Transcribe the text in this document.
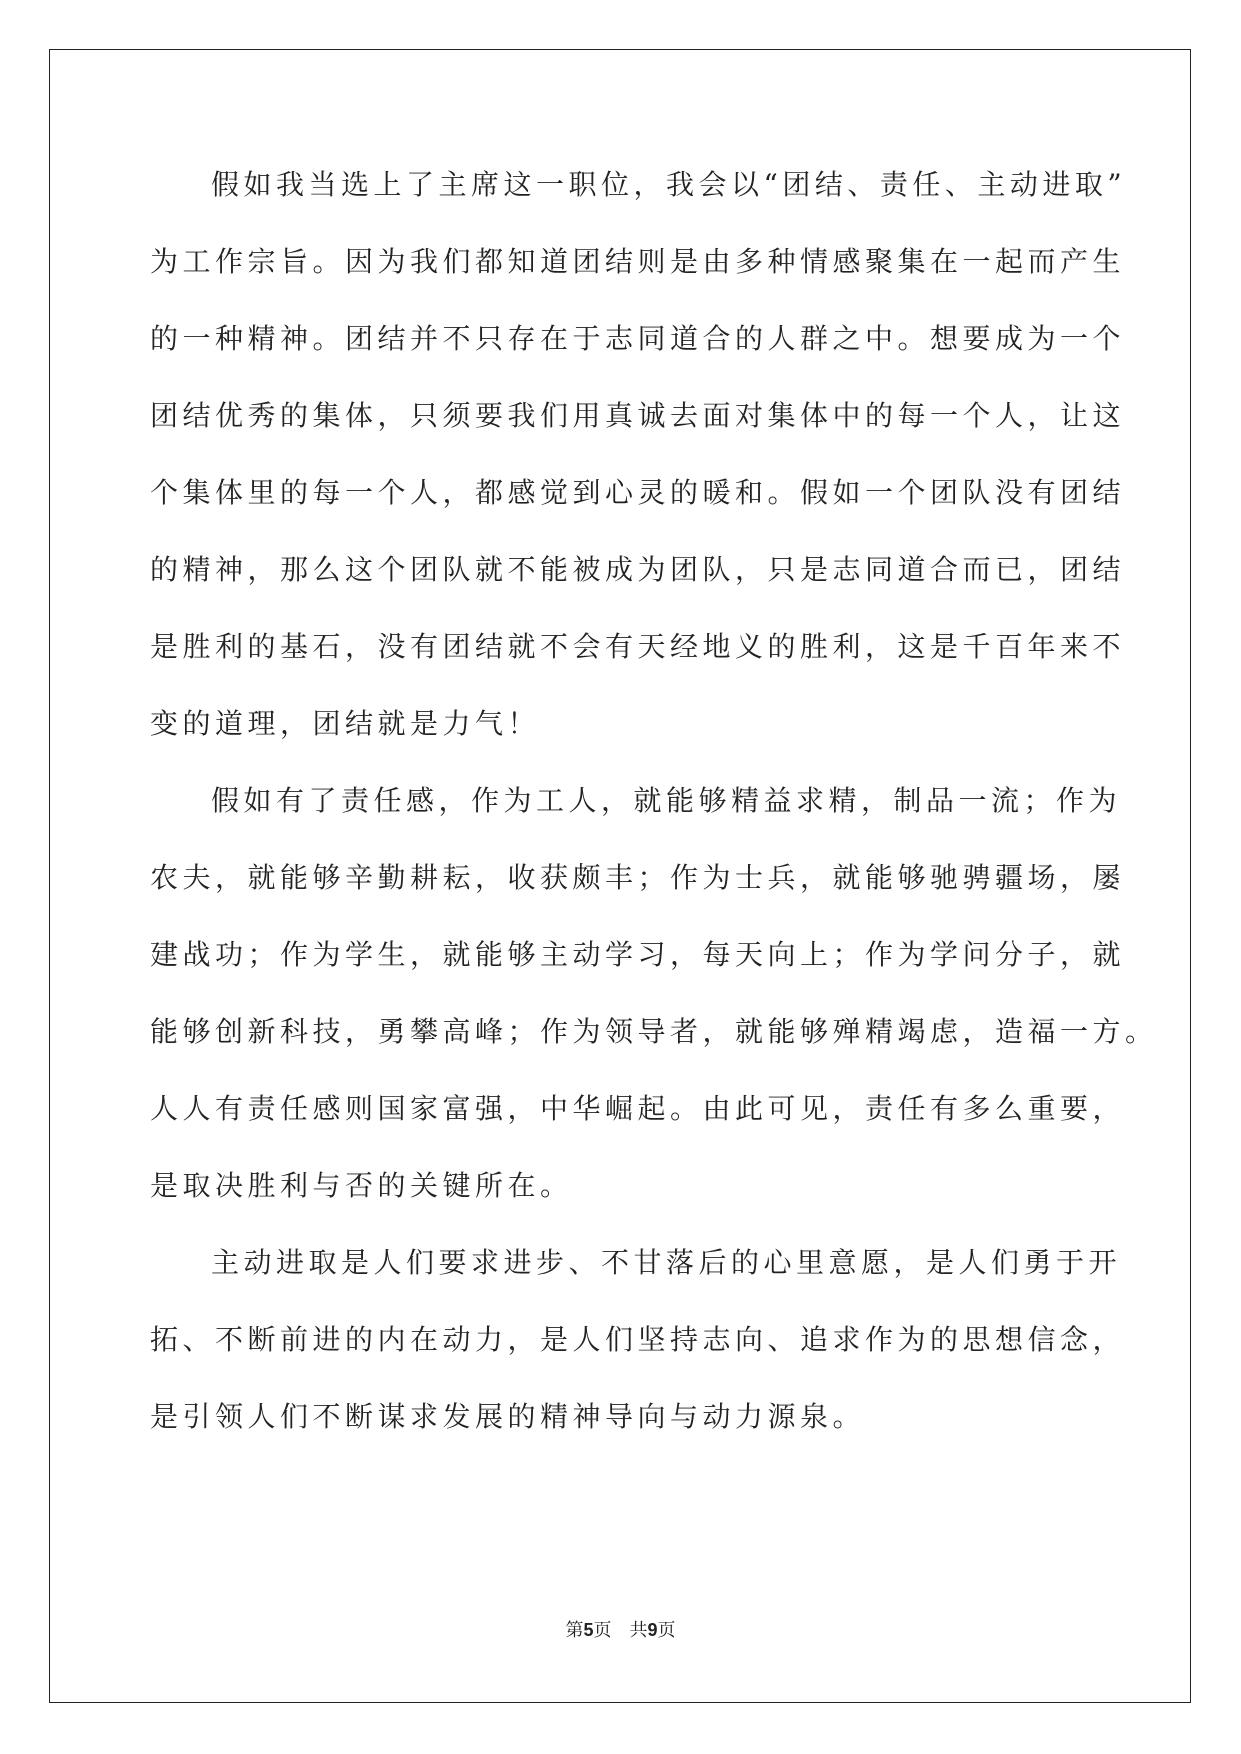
假如我当选上了主席这一职位，我会以“团结、责任、主动进取”
为工作宗旨。因为我们都知道团结则是由多种情感聚集在一起而产生
的一种精神。团结并不只存在于志同道合的人群之中。想要成为一个
团结优秀的集体，只须要我们用真诚去面对集体中的每一个人，让这
个集体里的每一个人，都感觉到心灵的暖和。假如一个团队没有团结
的精神，那么这个团队就不能被成为团队，只是志同道合而已，团结
是胜利的基石，没有团结就不会有天经地义的胜利，这是千百年来不
变的道理，团结就是力气！
假如有了责任感，作为工人，就能够精益求精，制品一流；作为
农夫，就能够辛勤耕耘，收获颇丰；作为士兵，就能够驰骋疆场，屡
建战功；作为学生，就能够主动学习，每天向上；作为学问分子，就
能够创新科技，勇攀高峰；作为领导者，就能够殚精竭虑，造福一方。
人人有责任感则国家富强，中华崛起。由此可见，责任有多么重要，
是取决胜利与否的关键所在。
主动进取是人们要求进步、不甘落后的心里意愿，是人们勇于开
拓、不断前进的内在动力，是人们坚持志向、追求作为的思想信念，
是引领人们不断谋求发展的精神导向与动力源泉。
第5页 共9页
